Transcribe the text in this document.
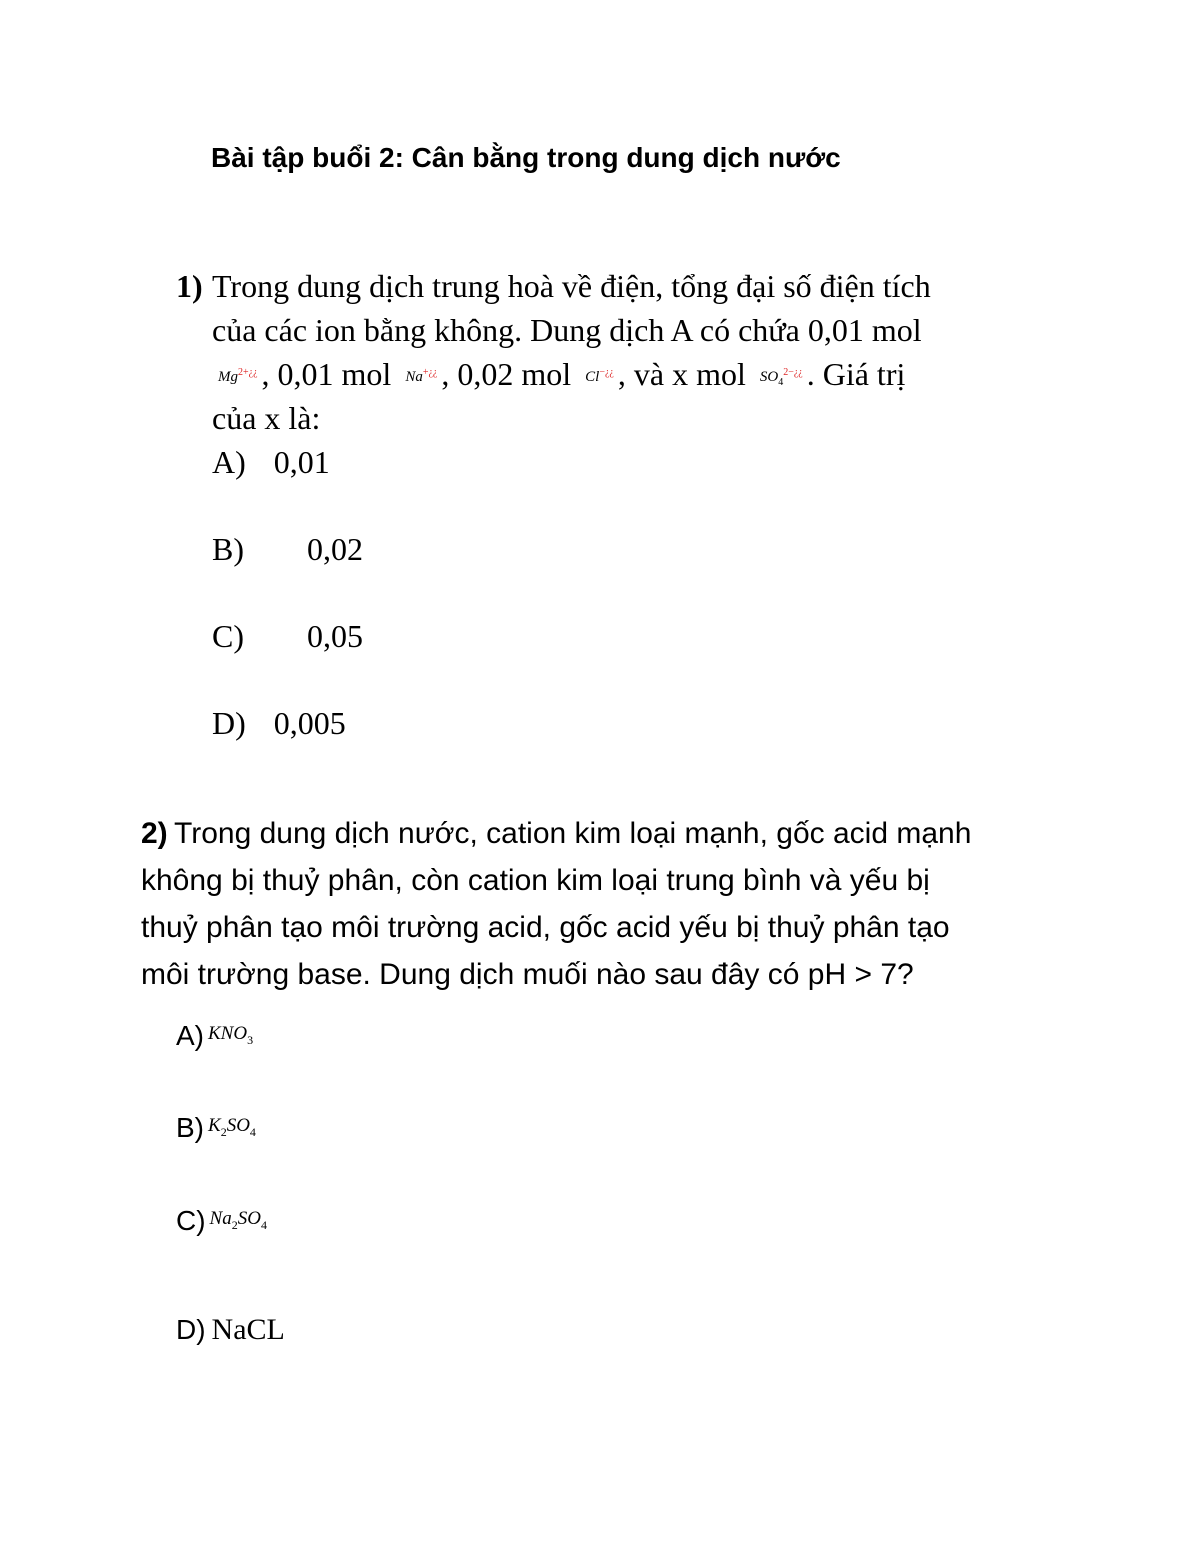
Bài tập buổi 2: Cân bằng trong dung dịch nước
1) Trong dung dịch trung hoà về điện, tổng đại số điện tích
của các ion bằng không. Dung dịch A có chứa 0,01 mol
$Mg^{2+¿¿}$ , 0,01 mol Na+¿¿ , 0,02 mol Cl−¿¿ , và x mol $SO_4^{2-¿¿}$ . Giá trị
của x là:
A) 0,01
B) 0,02
C) 0,05
D) 0,005
2) Trong dung dịch nước, cation kim loại mạnh, gốc acid mạnh
không bị thuỷ phân, còn cation kim loại trung bình và yếu bị
thuỷ phân tạo môi trường acid, gốc acid yếu bị thuỷ phân tạo
môi trường base. Dung dịch muối nào sau đây có pH > 7?
A) $KNO_3$
B) $K_2SO_4$
C) $Na_2SO_4$
D) NaCL
